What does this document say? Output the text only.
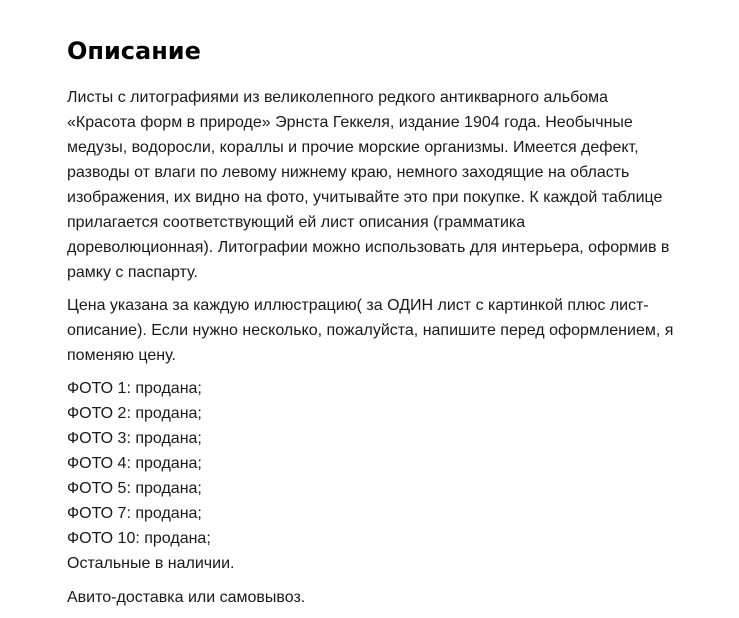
Описание

Листы с литографиями из великолепного редкого антикварного альбома
«Красота форм в природе» Эрнста Геккеля, издание 1904 года. Необычные
медузы, водоросли, кораллы и прочие морские организмы. Имеется дефект,
разводы от влаги по левому нижнему краю, немного заходящие на область
изображения, их видно на фото, учитывайте это при покупке. К каждой таблице
прилагается соответствующий ей лист описания (грамматика
дореволюционная). Литографии можно использовать для интерьера, оформив в
рамку с паспарту.

Цена указана за каждую иллюстрацию( за ОДИН лист с картинкой плюс лист-
описание). Если нужно несколько, пожалуйста, напишите перед оформлением, я
поменяю цену.

ФОТО 1: продана;
ФОТО 2: продана;
ФОТО 3: продана;
ФОТО 4: продана;
ФОТО 5: продана;
ФОТО 7: продана;
ФОТО 10: продана;
Остальные в наличии.

Авито-доставка или самовывоз.
